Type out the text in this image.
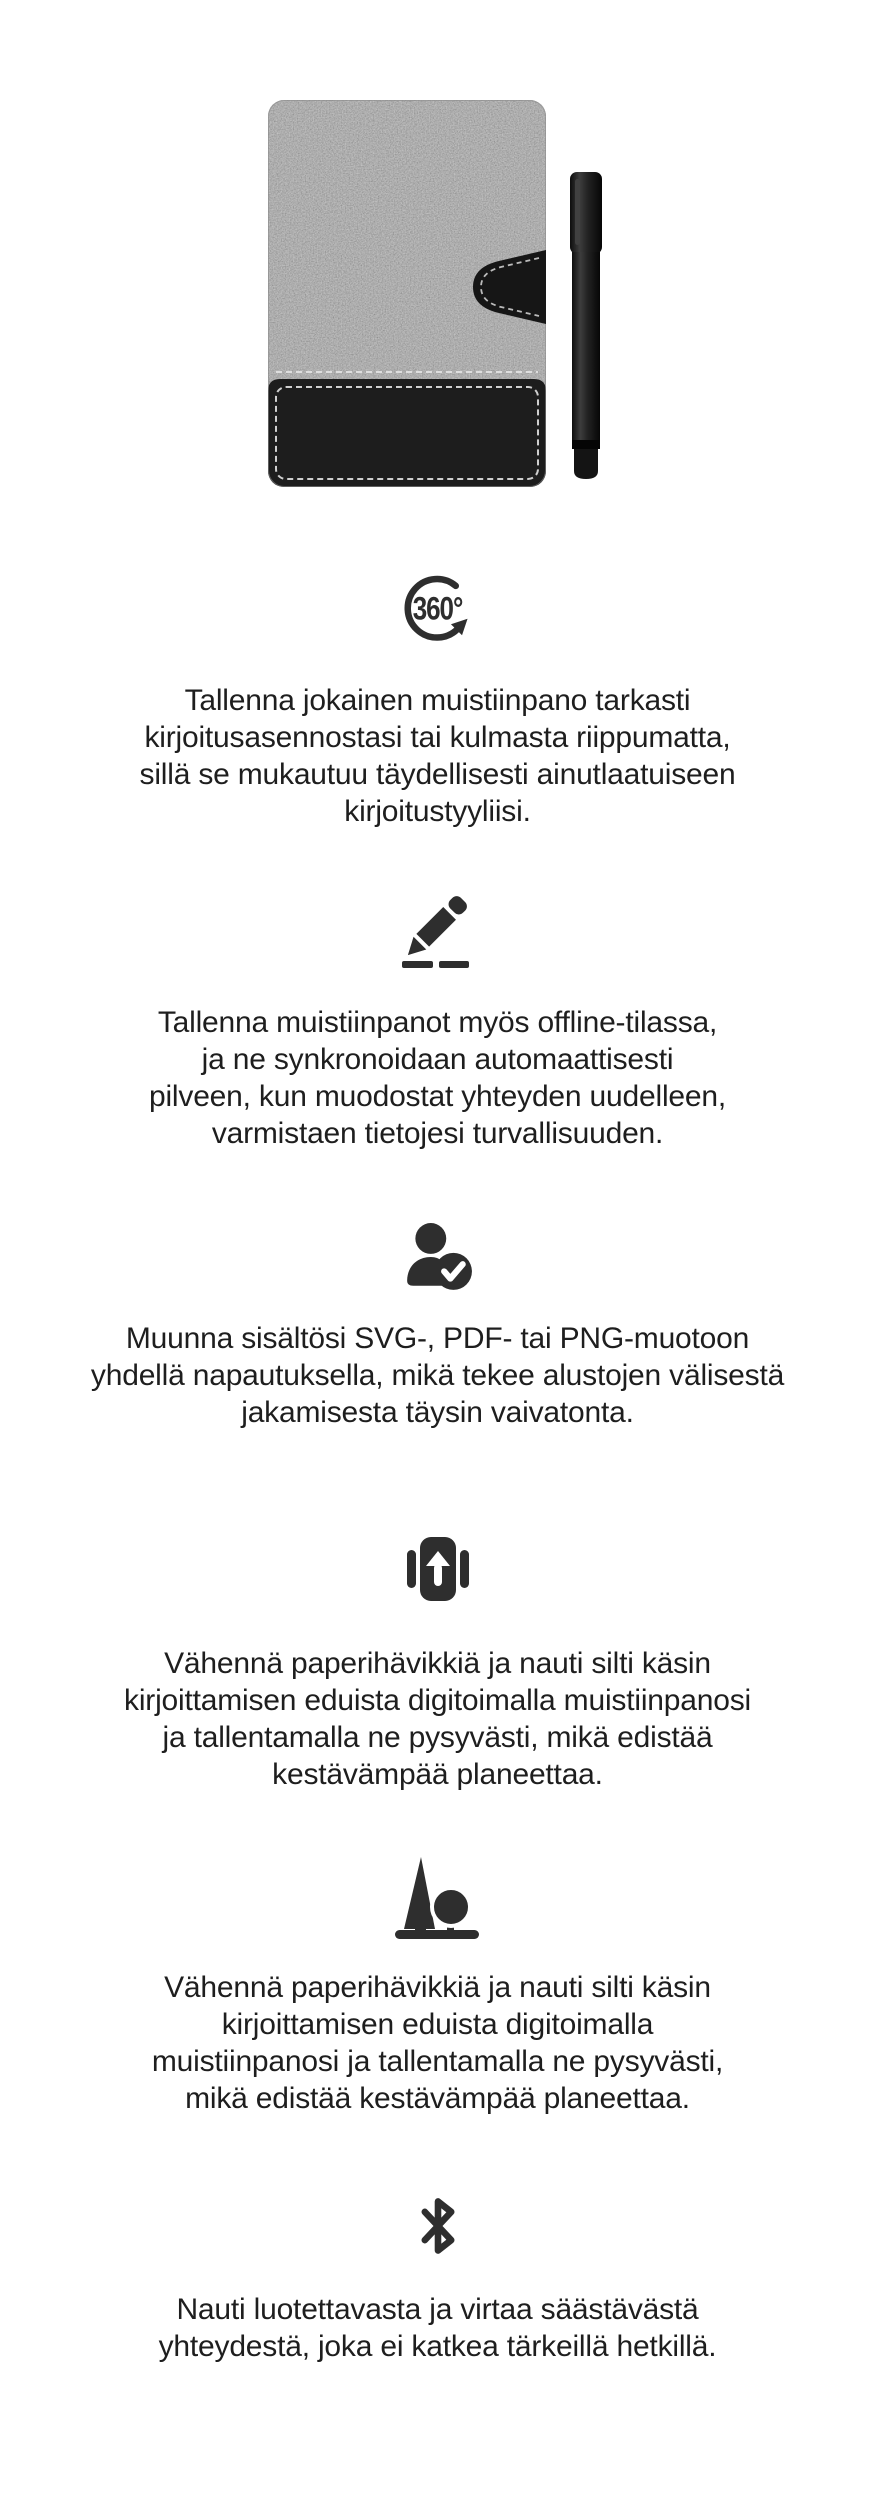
360°

Tallenna jokainen muistiinpano tarkasti
kirjoitusasennostasi tai kulmasta riippumatta,
sillä se mukautuu täydellisesti ainutlaatuiseen
kirjoitustyyliisi.

Tallenna muistiinpanot myös offline-tilassa,
ja ne synkronoidaan automaattisesti
pilveen, kun muodostat yhteyden uudelleen,
varmistaen tietojesi turvallisuuden.

Muunna sisältösi SVG-, PDF- tai PNG-muotoon
yhdellä napautuksella, mikä tekee alustojen välisestä
jakamisesta täysin vaivatonta.

Vähennä paperihävikkiä ja nauti silti käsin
kirjoittamisen eduista digitoimalla muistiinpanosi
ja tallentamalla ne pysyvästi, mikä edistää
kestävämpää planeettaa.

Vähennä paperihävikkiä ja nauti silti käsin
kirjoittamisen eduista digitoimalla
muistiinpanosi ja tallentamalla ne pysyvästi,
mikä edistää kestävämpää planeettaa.

Nauti luotettavasta ja virtaa säästävästä
yhteydestä, joka ei katkea tärkeillä hetkillä.
